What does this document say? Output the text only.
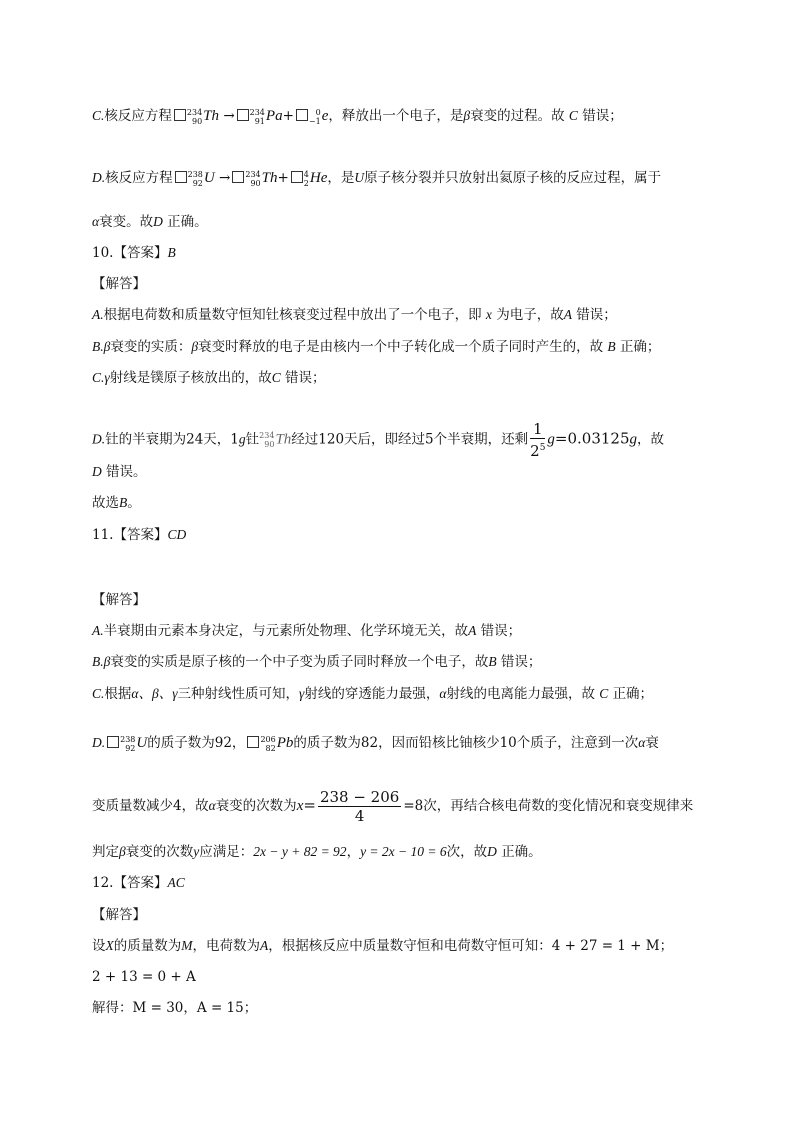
C.核反应方程 234
90 Th → 234
91 Pa+	0
−1 e，释放出一个电子，是β衰变的过程。故 C 错误；
D.核反应方程 238
92 U → 234
90 Th+ 4
2 He，是U原子核分裂并只放射出氦原子核的反应过程，属于
α衰变。故D 正确。
10.【答案】B
【解答】
A.根据电荷数和质量数守恒知钍核衰变过程中放出了一个电子，即 x 为电子，故A 错误；
B.β衰变的实质：β衰变时释放的电子是由核内一个中子转化成一个质子同时产生的，故 B 正确；
C.γ射线是镤原子核放出的，故C 错误；
D.钍的半衰期为24天，1g钍 234
90 Th经过120天后，即经过5个半衰期，还剩 $\frac{1}{2^5} g=0.03125g$，故
D 错误。
故选B。
11.【答案】CD
【解答】
A.半衰期由元素本身决定，与元素所处物理、化学环境无关，故A 错误；
B.β衰变的实质是原子核的一个中子变为质子同时释放一个电子，故B 错误；
C.根据α、β、γ三种射线性质可知，γ射线的穿透能力最强，α射线的电离能力最强，故 C 正确；
D. 238
92 U的质子数为92， 206
82 Pb的质子数为82，因而铅核比铀核少10个质子，注意到一次α衰
变质量数减少4，故α衰变的次数为$x= \frac{238 - 206}{4} =8$次，再结合核电荷数的变化情况和衰变规律来
判定β衰变的次数y应满足：2x − y + 82 = 92，y = 2x − 10 = 6次，故D 正确。
12.【答案】AC
【解答】
设X的质量数为M，电荷数为A，根据核反应中质量数守恒和电荷数守恒可知：4 + 27 = 1 + M；
2 + 13 = 0 + A
解得：M = 30，A = 15；
